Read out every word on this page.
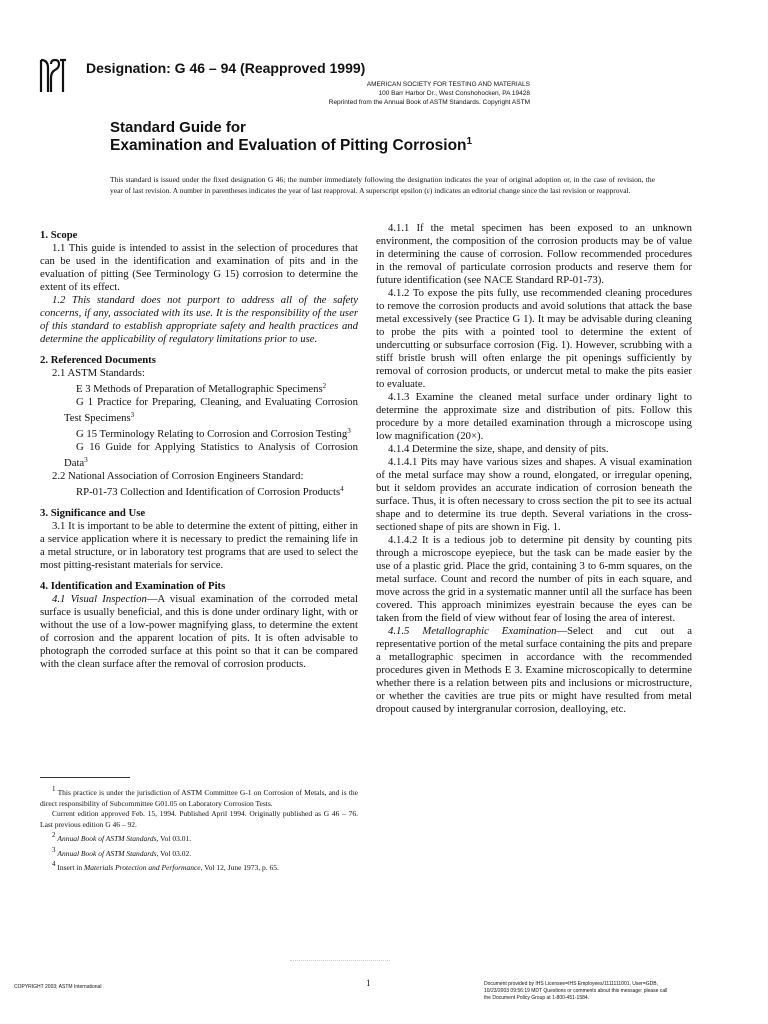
Designation: G 46 – 94 (Reapproved 1999)
AMERICAN SOCIETY FOR TESTING AND MATERIALS
100 Barr Harbor Dr., West Conshohocken, PA 19428
Reprinted from the Annual Book of ASTM Standards. Copyright ASTM
Standard Guide for
Examination and Evaluation of Pitting Corrosion$^1$
This standard is issued under the fixed designation G 46; the number immediately following the designation indicates the year of original adoption or, in the case of revision, the year of last revision. A number in parentheses indicates the year of last reapproval. A superscript epsilon (ε) indicates an editorial change since the last revision or reapproval.
1. Scope

1.1 This guide is intended to assist in the selection of procedures that can be used in the identification and examination of pits and in the evaluation of pitting (See Terminology G 15) corrosion to determine the extent of its effect.

1.2 This standard does not purport to address all of the safety concerns, if any, associated with its use. It is the responsibility of the user of this standard to establish appropriate safety and health practices and determine the applicability of regulatory limitations prior to use.

2. Referenced Documents

2.1 ASTM Standards:

E 3 Methods of Preparation of Metallographic Specimens$^2$

G 1 Practice for Preparing, Cleaning, and Evaluating Corrosion Test Specimens$^3$

G 15 Terminology Relating to Corrosion and Corrosion Testing$^3$

G 16 Guide for Applying Statistics to Analysis of Corrosion Data$^3$

2.2 National Association of Corrosion Engineers Standard:

RP-01-73 Collection and Identification of Corrosion Products$^4$

3. Significance and Use

3.1 It is important to be able to determine the extent of pitting, either in a service application where it is necessary to predict the remaining life in a metal structure, or in laboratory test programs that are used to select the most pitting-resistant materials for service.

4. Identification and Examination of Pits

4.1 Visual Inspection—A visual examination of the corroded metal surface is usually beneficial, and this is done under ordinary light, with or without the use of a low-power magnifying glass, to determine the extent of corrosion and the apparent location of pits. It is often advisable to photograph the corroded surface at this point so that it can be compared with the clean surface after the removal of corrosion products.

4.1.1 If the metal specimen has been exposed to an unknown environment, the composition of the corrosion products may be of value in determining the cause of corrosion. Follow recommended procedures in the removal of particulate corrosion products and reserve them for future identification (see NACE Standard RP-01-73).

4.1.2 To expose the pits fully, use recommended cleaning procedures to remove the corrosion products and avoid solutions that attack the base metal excessively (see Practice G 1). It may be advisable during cleaning to probe the pits with a pointed tool to determine the extent of undercutting or subsurface corrosion (Fig. 1). However, scrubbing with a stiff bristle brush will often enlarge the pit openings sufficiently by removal of corrosion products, or undercut metal to make the pits easier to evaluate.

4.1.3 Examine the cleaned metal surface under ordinary light to determine the approximate size and distribution of pits. Follow this procedure by a more detailed examination through a microscope using low magnification (20×).

4.1.4 Determine the size, shape, and density of pits.

4.1.4.1 Pits may have various sizes and shapes. A visual examination of the metal surface may show a round, elongated, or irregular opening, but it seldom provides an accurate indication of corrosion beneath the surface. Thus, it is often necessary to cross section the pit to see its actual shape and to determine its true depth. Several variations in the cross-sectioned shape of pits are shown in Fig. 1.

4.1.4.2 It is a tedious job to determine pit density by counting pits through a microscope eyepiece, but the task can be made easier by the use of a plastic grid. Place the grid, containing 3 to 6-mm squares, on the metal surface. Count and record the number of pits in each square, and move across the grid in a systematic manner until all the surface has been covered. This approach minimizes eyestrain because the eyes can be taken from the field of view without fear of losing the area of interest.

4.1.5 Metallographic Examination—Select and cut out a representative portion of the metal surface containing the pits and prepare a metallographic specimen in accordance with the recommended procedures given in Methods E 3. Examine microscopically to determine whether there is a relation between pits and inclusions or microstructure, or whether the cavities are true pits or might have resulted from metal dropout caused by intergranular corrosion, dealloying, etc.

$^1$ This practice is under the jurisdiction of ASTM Committee G-1 on Corrosion of Metals, and is the direct responsibility of Subcommittee G01.05 on Laboratory Corrosion Tests.

Current edition approved Feb. 15, 1994. Published April 1994. Originally published as G 46 – 76. Last previous edition G 46 – 92.

$^2$ Annual Book of ASTM Standards, Vol 03.01.

$^3$ Annual Book of ASTM Standards, Vol 03.02.

$^4$ Insert in Materials Protection and Performance, Vol 12, June 1973, p. 65.

COPYRIGHT 2003; ASTM International	1	Document provided by IHS Licensee=IHS Employees/1111111001, User=GDB,
10/23/2003 09:56:19 MDT Questions or comments about this message: please call
the Document Policy Group at 1-800-451-1584.
